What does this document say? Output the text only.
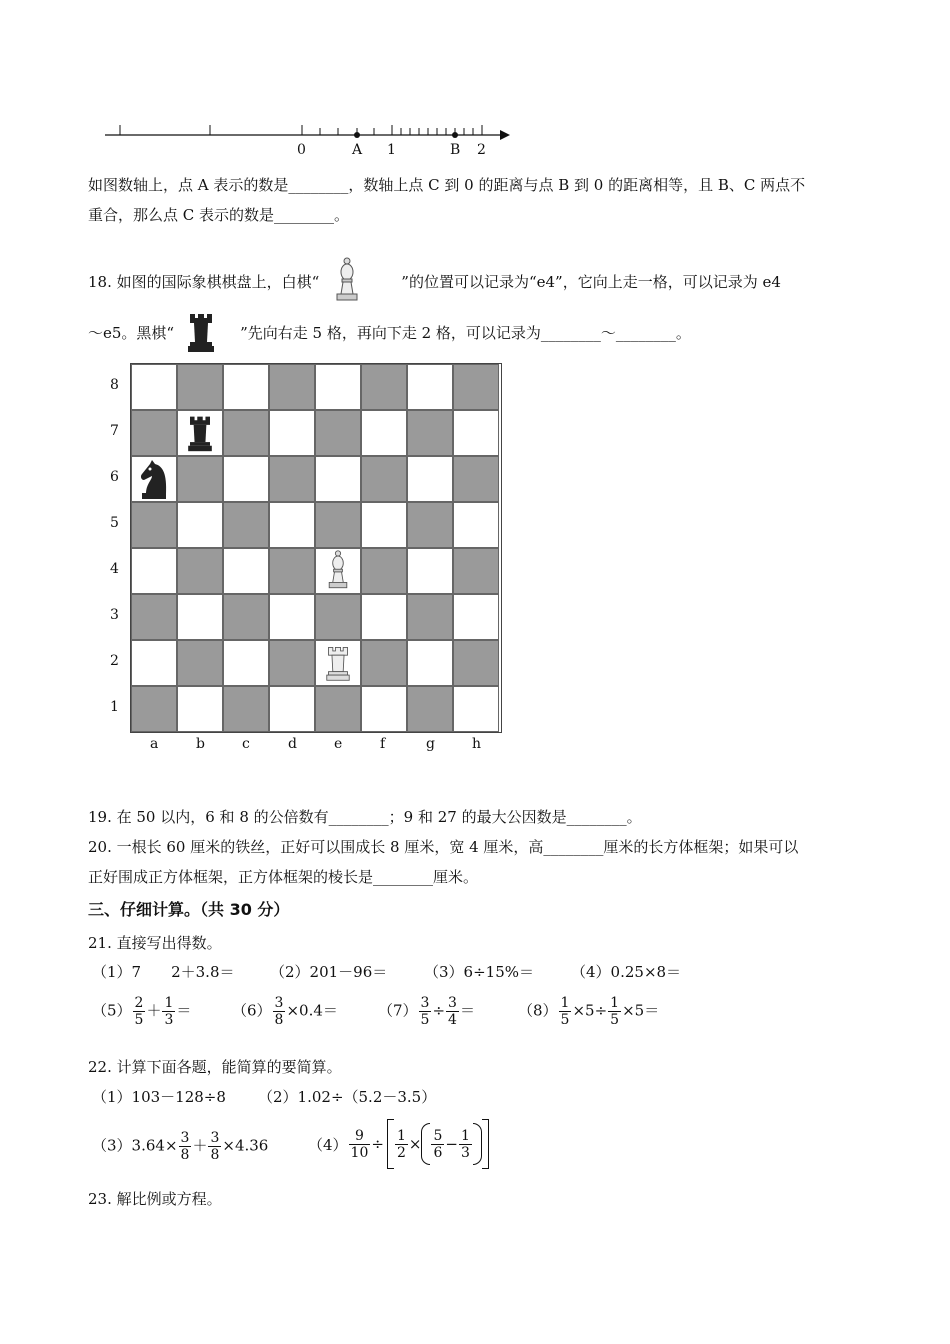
0	A 1	B 2
如图数轴上，点 A 表示的数是________，数轴上点 C 到 0 的距离与点 B 到 0 的距离相等，且 B、C 两点不
重合，那么点 C 表示的数是________。
18. 如图的国际象棋棋盘上，白棋“	”的位置可以记录为“e4”，它向上走一格，可以记录为 e4
～e5。黑棋“	”先向右走 5 格，再向下走 2 格，可以记录为________～________。
8
7
6
5
4
3
2
1
a	b	c	d	e	f	g	h
19. 在 50 以内，6 和 8 的公倍数有________；9 和 27 的最大公因数是________。
20. 一根长 60 厘米的铁丝，正好可以围成长 8 厘米，宽 4 厘米，高________厘米的长方体框架；如果可以
正好围成正方体框架，正方体框架的棱长是________厘米。
三、仔细计算。（共 30 分）
21. 直接写出得数。
（1）7　　2＋3.8＝ （2）201－96＝ （3）6÷15%＝ （4）0.25×8＝
$(5) \frac{2}{5} + \frac{1}{3}$ ＝	$(6) \frac{3}{8} \times 0.4=$	$(7) \frac{3}{5} \div \frac{3}{4}$ ＝	$(8) \frac{1}{5} \times 5\div \frac{1}{5} \times 5=$
22. 计算下面各题，能简算的要简算。
（1）103－128÷8 （2）1.02÷（5.2－3.5）
$(3)3.64\times \frac{3}{8} + \frac{3}{8} \times 4.36$	$(4) \frac{9}{10} \div \frac{1}{2} \times \frac{5}{6} - \frac{1}{3}$
23. 解比例或方程。
